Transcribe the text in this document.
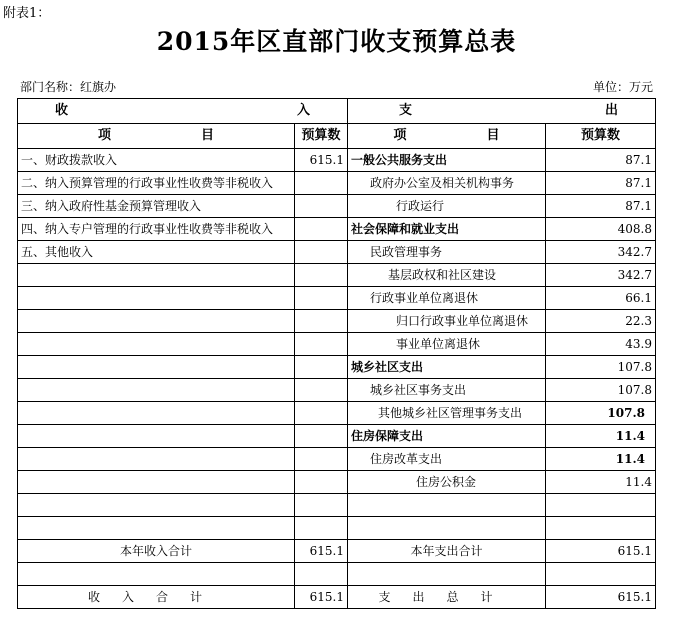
附表1：
2015年区直部门收支预算总表
部门名称：红旗办	单位：万元
收 入		支 出	

项 目	预算数	项 目	预算数
一、财政拨款收入	615.1	一般公共服务支出	87.1
二、纳入预算管理的行政事业性收费等非税收入		政府办公室及相关机构事务	87.1
三、纳入政府性基金预算管理收入		行政运行	87.1
四、纳入专户管理的行政事业性收费等非税收入		社会保障和就业支出	408.8
五、其他收入		民政管理事务	342.7
		基层政权和社区建设	342.7
		行政事业单位离退休	66.1
		归口行政事业单位离退休	22.3
		事业单位离退休	43.9
		城乡社区支出	107.8
		城乡社区事务支出	107.8
		其他城乡社区管理事务支出	107.8
		住房保障支出	11.4
		住房改革支出	11.4
		住房公积金	11.4

本年收入合计	615.1	本年支出合计	615.1

收入合计	615.1	支出总计	615.1
